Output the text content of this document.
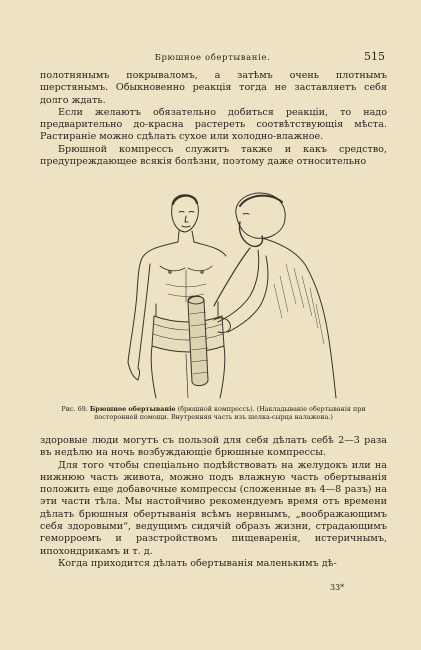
Брюшное обертываніе.	515

полотнянымъ покрываломъ, а затѣмъ очень плотнымъ шерстянымъ. Обыкновенно реакція тогда не заставляетъ себя долго ждать.

Если желаютъ обязательно добиться реакціи, то надо предварительно до-красна растереть соотвѣтствующія мѣста. Растираніе можно сдѣлать сухое или холодно-влажное.

Брюшной компрессъ служитъ также и какъ средство, предупреждающее всякія болѣзни, поэтому даже относительно

Рис. 69. Брюшное обертываніе (брюшной компрессъ). (Накладываніе обертыванія при посторонней помощи. Внутренняя часть изъ шелка-сырца налажена.)

здоровые люди могутъ съ пользой для себя дѣлать себѣ 2—3 раза въ недѣлю на ночь возбуждающіе брюшные компрессы.

Для того чтобы спеціально подѣйствовать на желудокъ или на нижнюю часть живота, можно подъ влажную часть обертыванія положить еще добавочные компрессы (сложенные въ 4—8 разъ) на эти части тѣла. Мы настойчиво рекомендуемъ время отъ времени дѣлать брюшныя обертыванія всѣмъ нервнымъ, „воображающимъ себя здоровыми“, ведущимъ сидячій образъ жизни, страдающимъ геморроемъ и разстройствомъ пищеваренія, истеричнымъ, ипохондрикамъ и т. д.

Когда приходится дѣлать обертыванія маленькимъ дѣ-

33*
